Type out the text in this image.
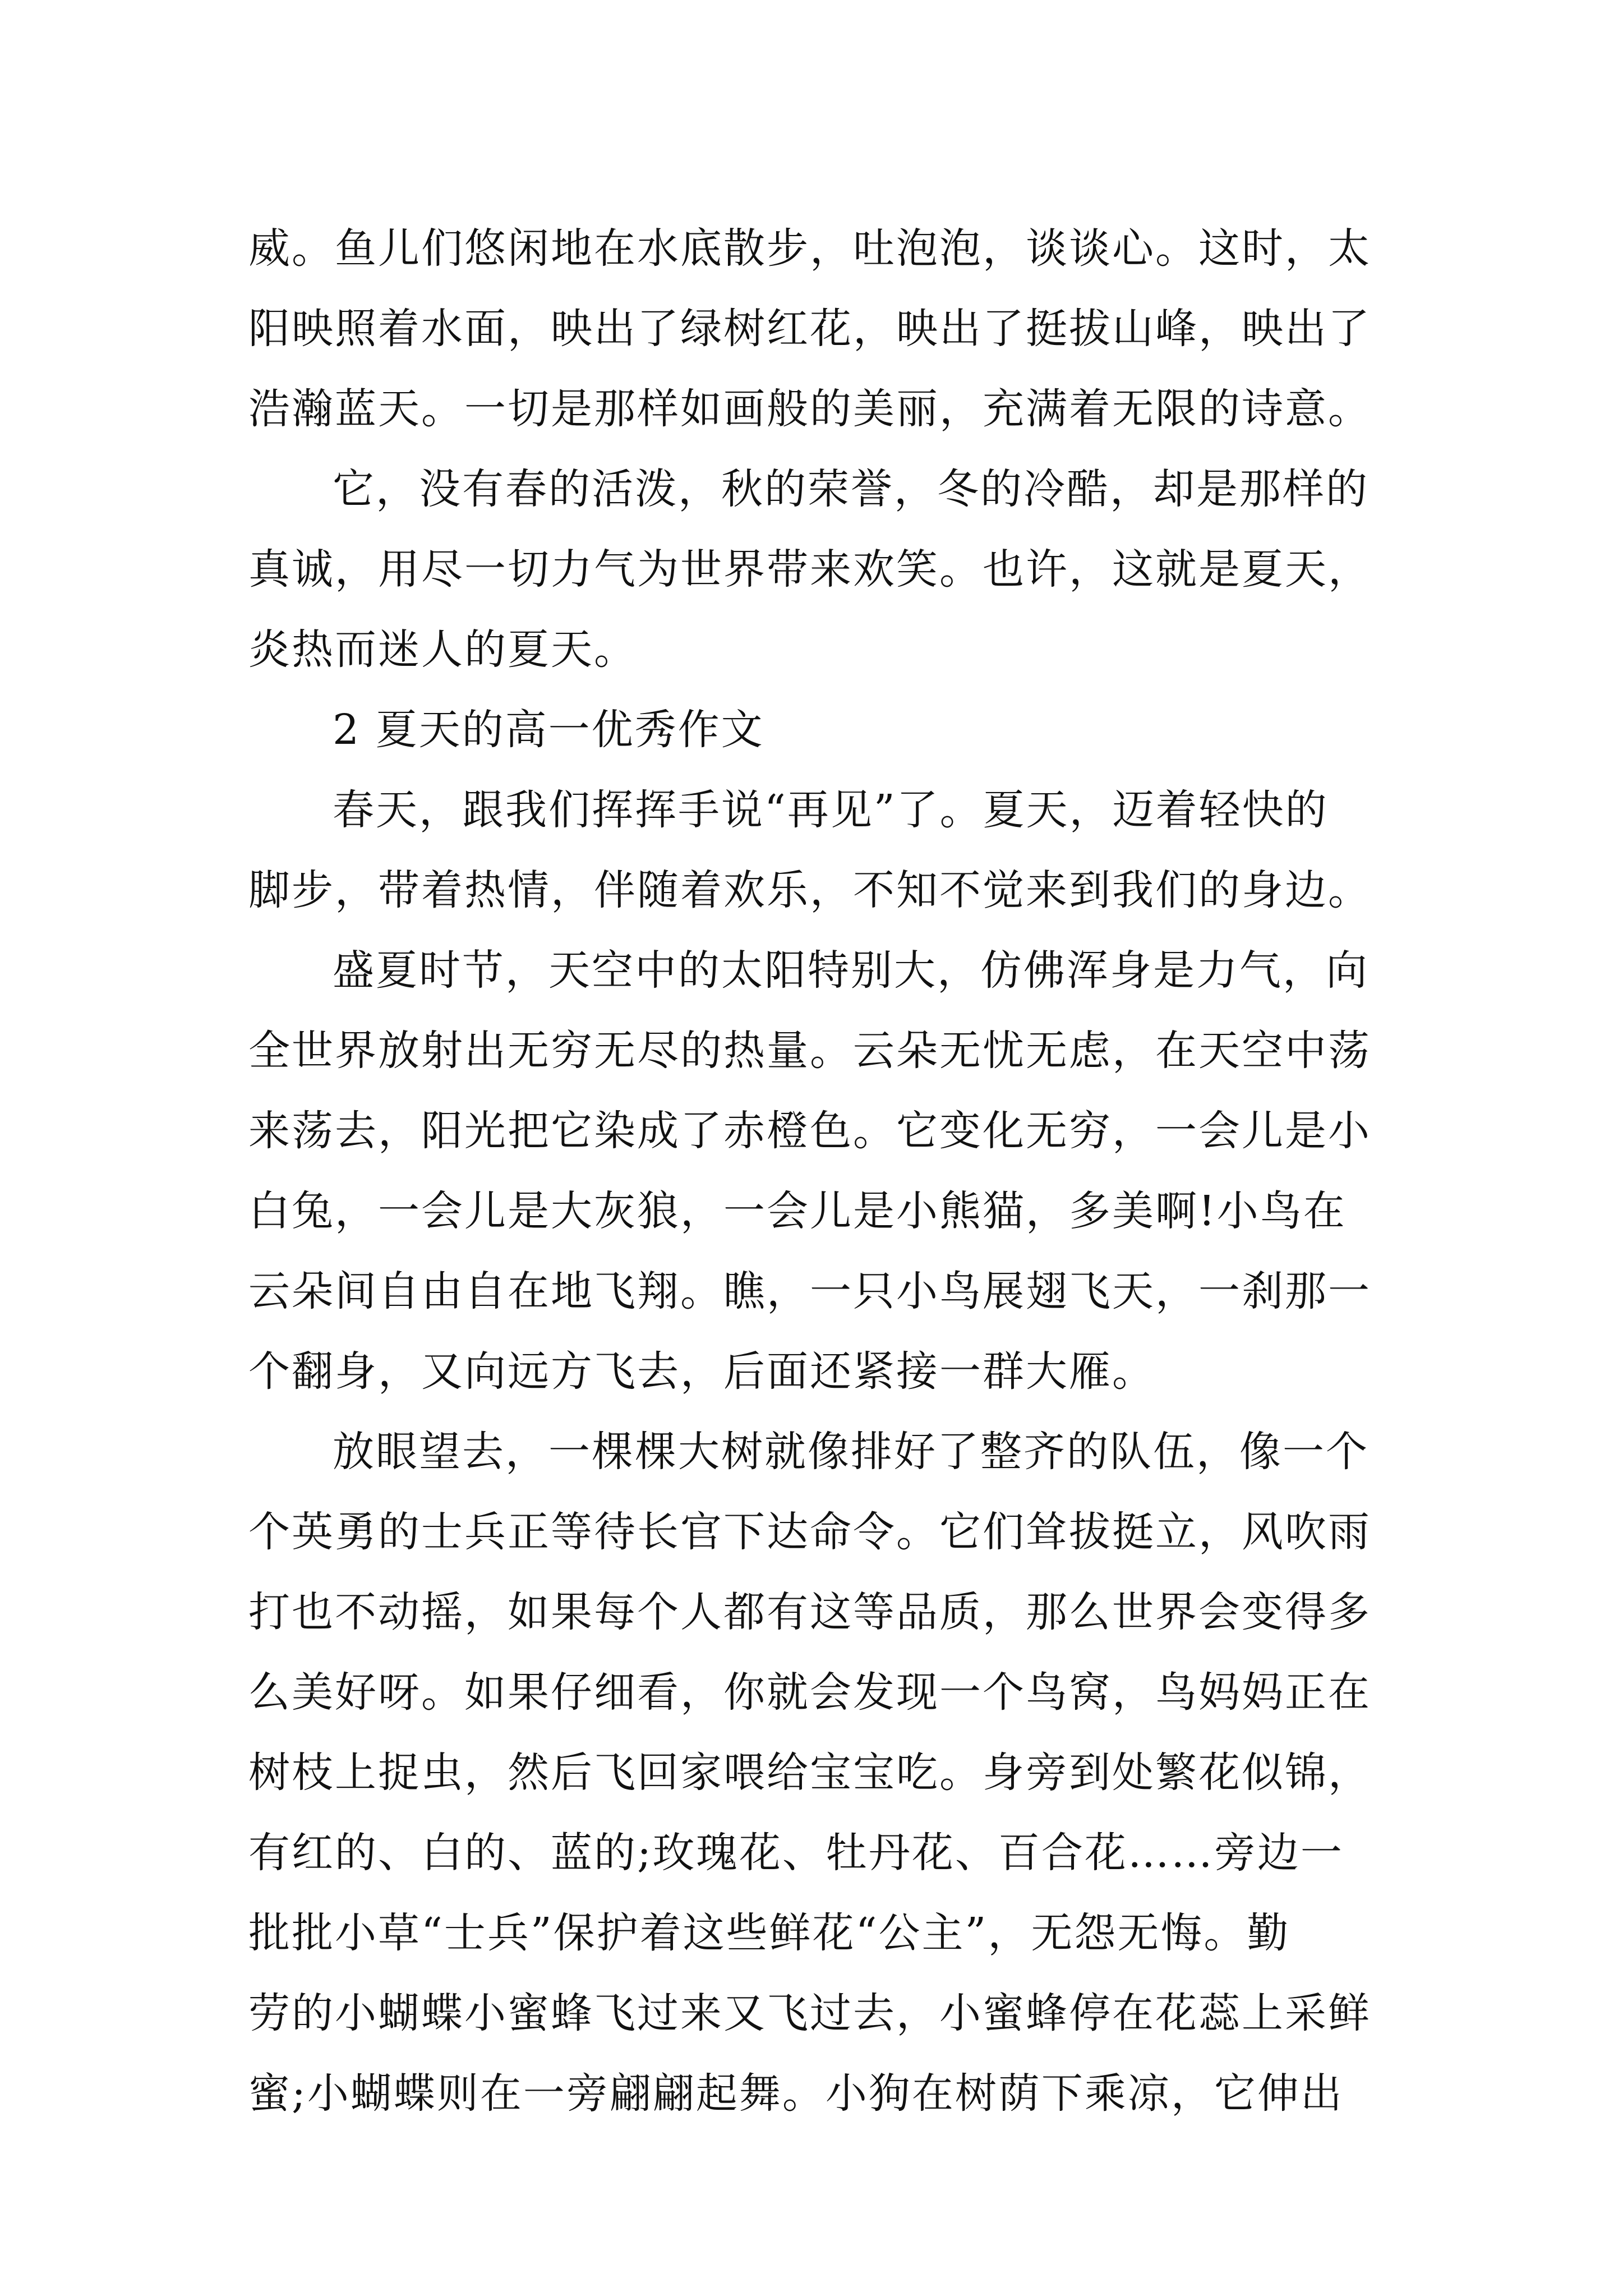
威。鱼儿们悠闲地在水底散步，吐泡泡，谈谈心。这时，太
阳映照着水面，映出了绿树红花，映出了挺拔山峰，映出了
浩瀚蓝天。一切是那样如画般的美丽，充满着无限的诗意。
它，没有春的活泼，秋的荣誉，冬的冷酷，却是那样的
真诚，用尽一切力气为世界带来欢笑。也许，这就是夏天，
炎热而迷人的夏天。
2 夏天的高一优秀作文
春天，跟我们挥挥手说“再见”了。夏天，迈着轻快的
脚步，带着热情，伴随着欢乐，不知不觉来到我们的身边。
盛夏时节，天空中的太阳特别大，仿佛浑身是力气，向
全世界放射出无穷无尽的热量。云朵无忧无虑，在天空中荡
来荡去，阳光把它染成了赤橙色。它变化无穷，一会儿是小
白兔，一会儿是大灰狼，一会儿是小熊猫，多美啊!小鸟在
云朵间自由自在地飞翔。瞧，一只小鸟展翅飞天，一刹那一
个翻身，又向远方飞去，后面还紧接一群大雁。
放眼望去，一棵棵大树就像排好了整齐的队伍，像一个
个英勇的士兵正等待长官下达命令。它们耸拔挺立，风吹雨
打也不动摇，如果每个人都有这等品质，那么世界会变得多
么美好呀。如果仔细看，你就会发现一个鸟窝，鸟妈妈正在
树枝上捉虫，然后飞回家喂给宝宝吃。身旁到处繁花似锦，
有红的、白的、蓝的;玫瑰花、牡丹花、百合花……旁边一
批批小草“士兵”保护着这些鲜花“公主”，无怨无悔。勤
劳的小蝴蝶小蜜蜂飞过来又飞过去，小蜜蜂停在花蕊上采鲜
蜜;小蝴蝶则在一旁翩翩起舞。小狗在树荫下乘凉，它伸出
